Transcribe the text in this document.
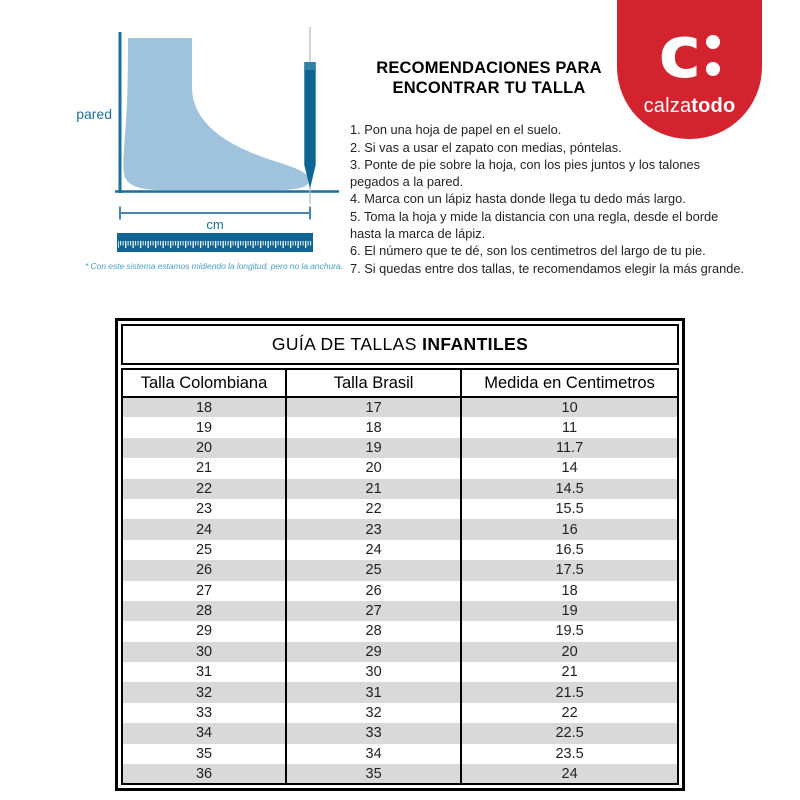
pared
cm

* Con este sistema estamos midiendo la longitud, pero no la anchura.

RECOMENDACIONES PARA
ENCONTRAR TU TALLA

1. Pon una hoja de papel en el suelo.

2. Si vas a usar el zapato con medias, póntelas.

3. Ponte de pie sobre la hoja, con los pies juntos y los talones pegados a la pared.

4. Marca con un lápiz hasta donde llega tu dedo más largo.

5. Toma la hoja y mide la distancia con una regla, desde el borde hasta la marca de lápiz.

6. El número que te dé, son los centimetros del largo de tu pie.

7. Si quedas entre dos tallas, te recomendamos elegir la más grande.

c
calzatodo
GUÍA DE TALLAS INFANTILES
Talla Colombiana	Talla Brasil	Medida en Centimetros
18	17	10
19	18	11
20	19	11.7
21	20	14
22	21	14.5
23	22	15.5
24	23	16
25	24	16.5
26	25	17.5
27	26	18
28	27	19
29	28	19.5
30	29	20
31	30	21
32	31	21.5
33	32	22
34	33	22.5
35	34	23.5
36	35	24
